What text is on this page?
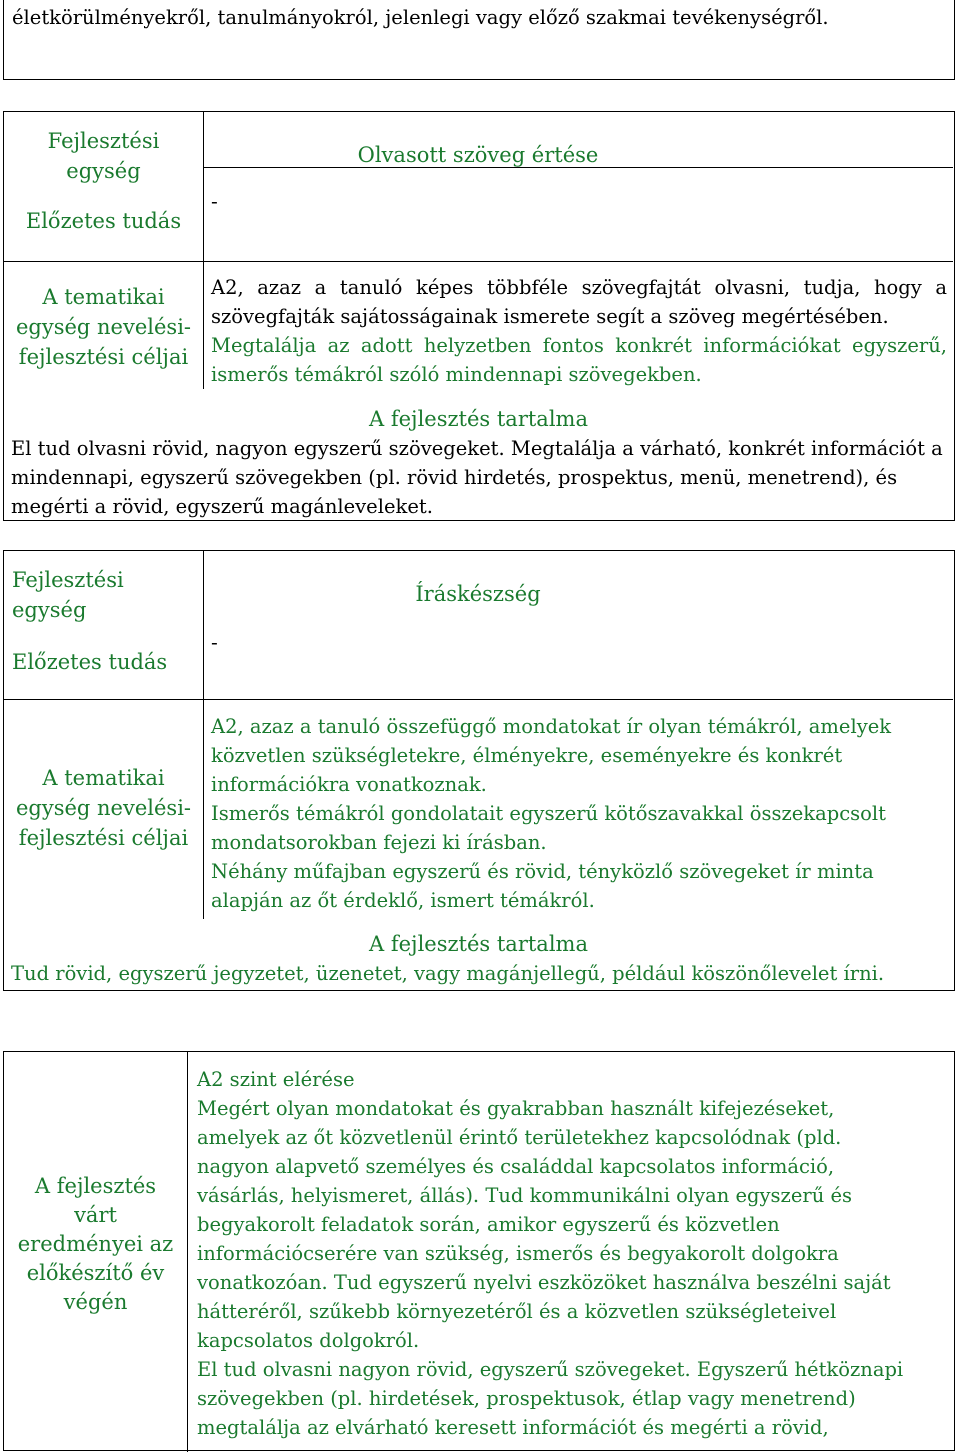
életkörülményekről, tanulmányokról, jelenlegi vagy előző szakmai tevékenységről.
Fejlesztési egység
Előzetes tudás
Olvasott szöveg értése
-
A tematikai egység nevelési-fejlesztési céljai

A2, azaz a tanuló képes többféle szövegfajtát olvasni, tudja, hogy a szövegfajták sajátosságainak ismerete segít a szöveg megértésében.

Megtalálja az adott helyzetben fontos konkrét információkat egyszerű, ismerős témákról szóló mindennapi szövegekben.

A fejlesztés tartalma
El tud olvasni rövid, nagyon egyszerű szövegeket. Megtalálja a várható, konkrét információt a mindennapi, egyszerű szövegekben (pl. rövid hirdetés, prospektus, menü, menetrend), és megérti a rövid, egyszerű magánleveleket.
Fejlesztési egység
Előzetes tudás
Íráskészség
-
A tematikai egység nevelési-fejlesztési céljai
A2, azaz a tanuló összefüggő mondatokat ír olyan témákról, amelyek
közvetlen szükségletekre, élményekre, eseményekre és konkrét
információkra vonatkoznak.
Ismerős témákról gondolatait egyszerű kötőszavakkal összekapcsolt
mondatsorokban fejezi ki írásban.
Néhány műfajban egyszerű és rövid, tényközlő szövegeket ír minta
alapján az őt érdeklő, ismert témákról.
A fejlesztés tartalma
Tud rövid, egyszerű jegyzetet, üzenetet, vagy magánjellegű, például köszönőlevelet írni.
A fejlesztés várt eredményei az előkészítő év végén
A2 szint elérése
Megért olyan mondatokat és gyakrabban használt kifejezéseket,
amelyek az őt közvetlenül érintő területekhez kapcsolódnak (pld.
nagyon alapvető személyes és családdal kapcsolatos információ,
vásárlás, helyismeret, állás). Tud kommunikálni olyan egyszerű és
begyakorolt feladatok során, amikor egyszerű és közvetlen
információcserére van szükség, ismerős és begyakorolt dolgokra
vonatkozóan. Tud egyszerű nyelvi eszközöket használva beszélni saját
hátteréről, szűkebb környezetéről és a közvetlen szükségleteivel
kapcsolatos dolgokról.
El tud olvasni nagyon rövid, egyszerű szövegeket. Egyszerű hétköznapi
szövegekben (pl. hirdetések, prospektusok, étlap vagy menetrend)
megtalálja az elvárható keresett információt és megérti a rövid,
